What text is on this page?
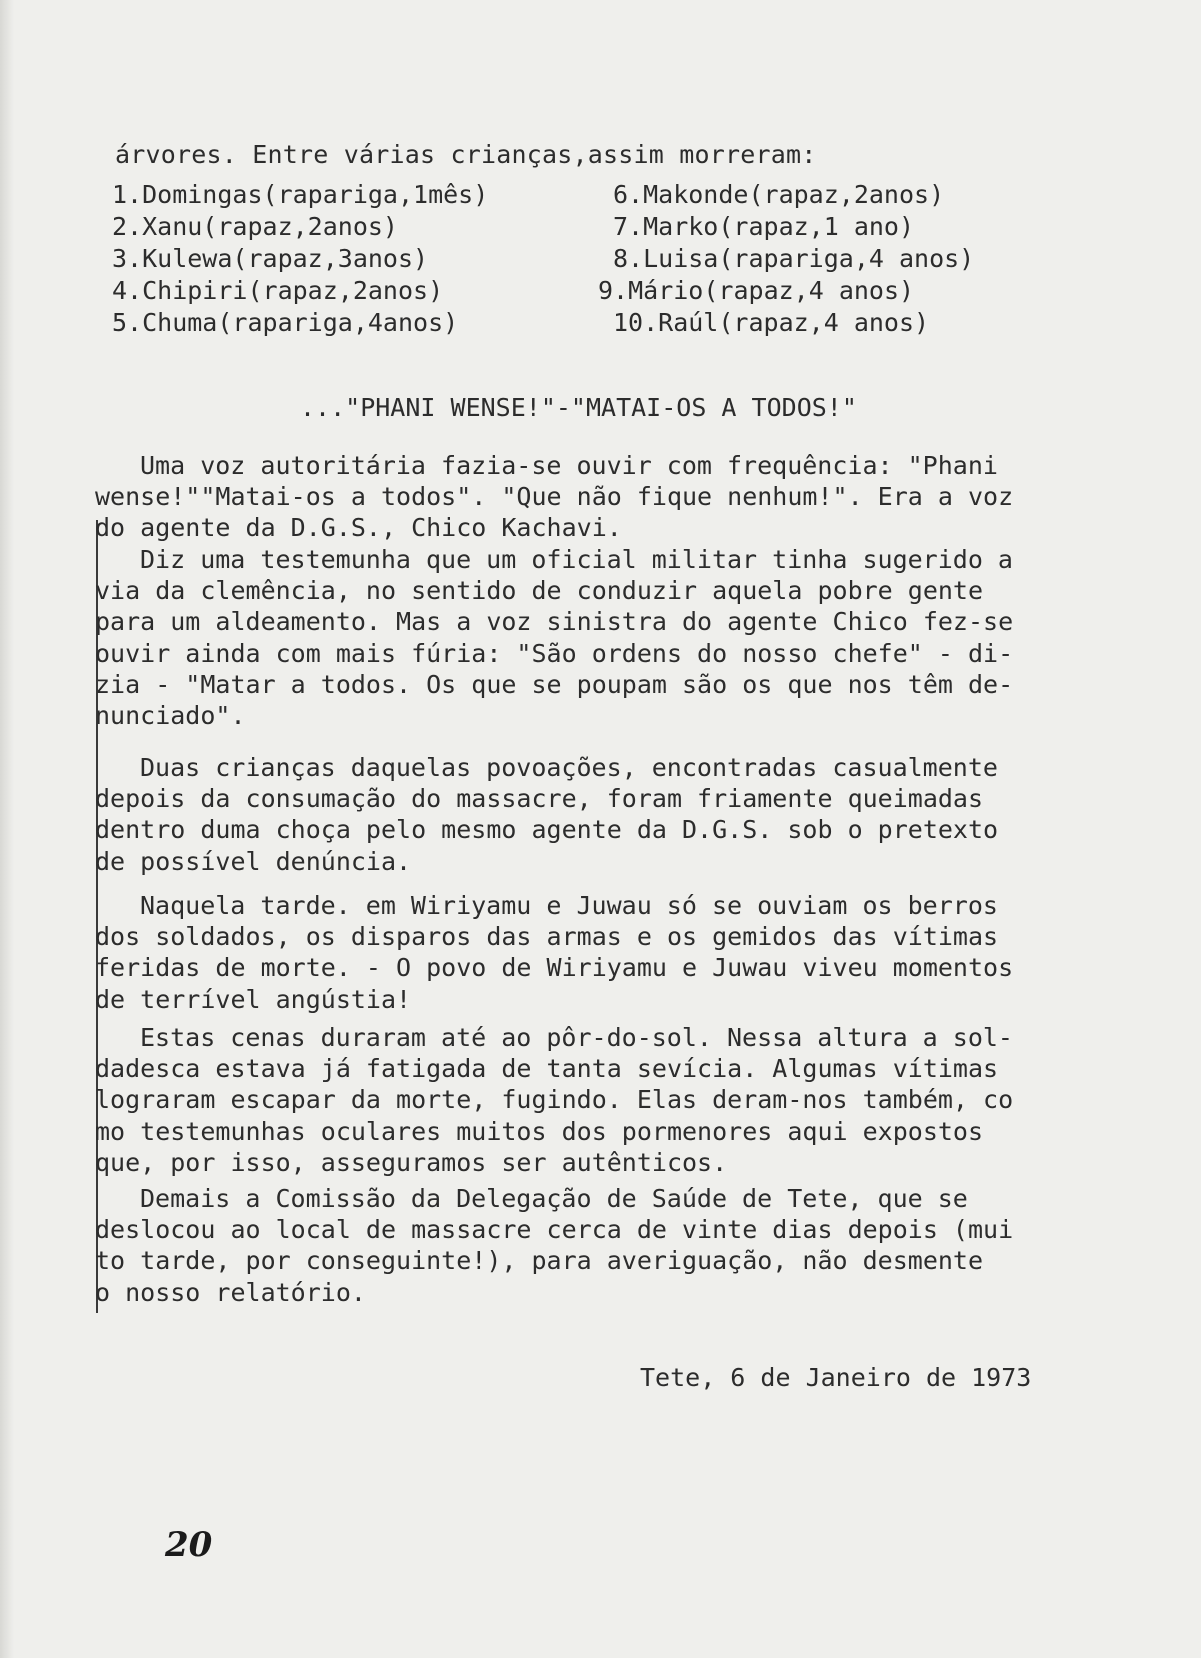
árvores. Entre várias crianças,assim morreram:
1.Domingas(rapariga,1mês)
2.Xanu(rapaz,2anos)
3.Kulewa(rapaz,3anos)
4.Chipiri(rapaz,2anos)
5.Chuma(rapariga,4anos)
6.Makonde(rapaz,2anos)
7.Marko(rapaz,1 ano)
8.Luisa(rapariga,4 anos)
9.Mário(rapaz,4 anos)
10.Raúl(rapaz,4 anos)
..."PHANI WENSE!"-"MATAI-OS A TODOS!"
Uma voz autoritária fazia-se ouvir com frequência: "Phani
wense!""Matai-os a todos". "Que não fique nenhum!". Era a voz
do agente da D.G.S., Chico Kachavi.
Diz uma testemunha que um oficial militar tinha sugerido a
via da clemência, no sentido de conduzir aquela pobre gente
para um aldeamento. Mas a voz sinistra do agente Chico fez-se
ouvir ainda com mais fúria: "São ordens do nosso chefe" - di-
zia - "Matar a todos. Os que se poupam são os que nos têm de-
nunciado".
Duas crianças daquelas povoações, encontradas casualmente
depois da consumação do massacre, foram friamente queimadas
dentro duma choça pelo mesmo agente da D.G.S. sob o pretexto
de possível denúncia.
Naquela tarde. em Wiriyamu e Juwau só se ouviam os berros
dos soldados, os disparos das armas e os gemidos das vítimas
feridas de morte. - O povo de Wiriyamu e Juwau viveu momentos
de terrível angústia!
Estas cenas duraram até ao pôr-do-sol. Nessa altura a sol-
dadesca estava já fatigada de tanta sevícia. Algumas vítimas
lograram escapar da morte, fugindo. Elas deram-nos também, co
mo testemunhas oculares muitos dos pormenores aqui expostos
que, por isso, asseguramos ser autênticos.
Demais a Comissão da Delegação de Saúde de Tete, que se
deslocou ao local de massacre cerca de vinte dias depois (mui
to tarde, por conseguinte!), para averiguação, não desmente
o nosso relatório.
Tete, 6 de Janeiro de 1973
20
